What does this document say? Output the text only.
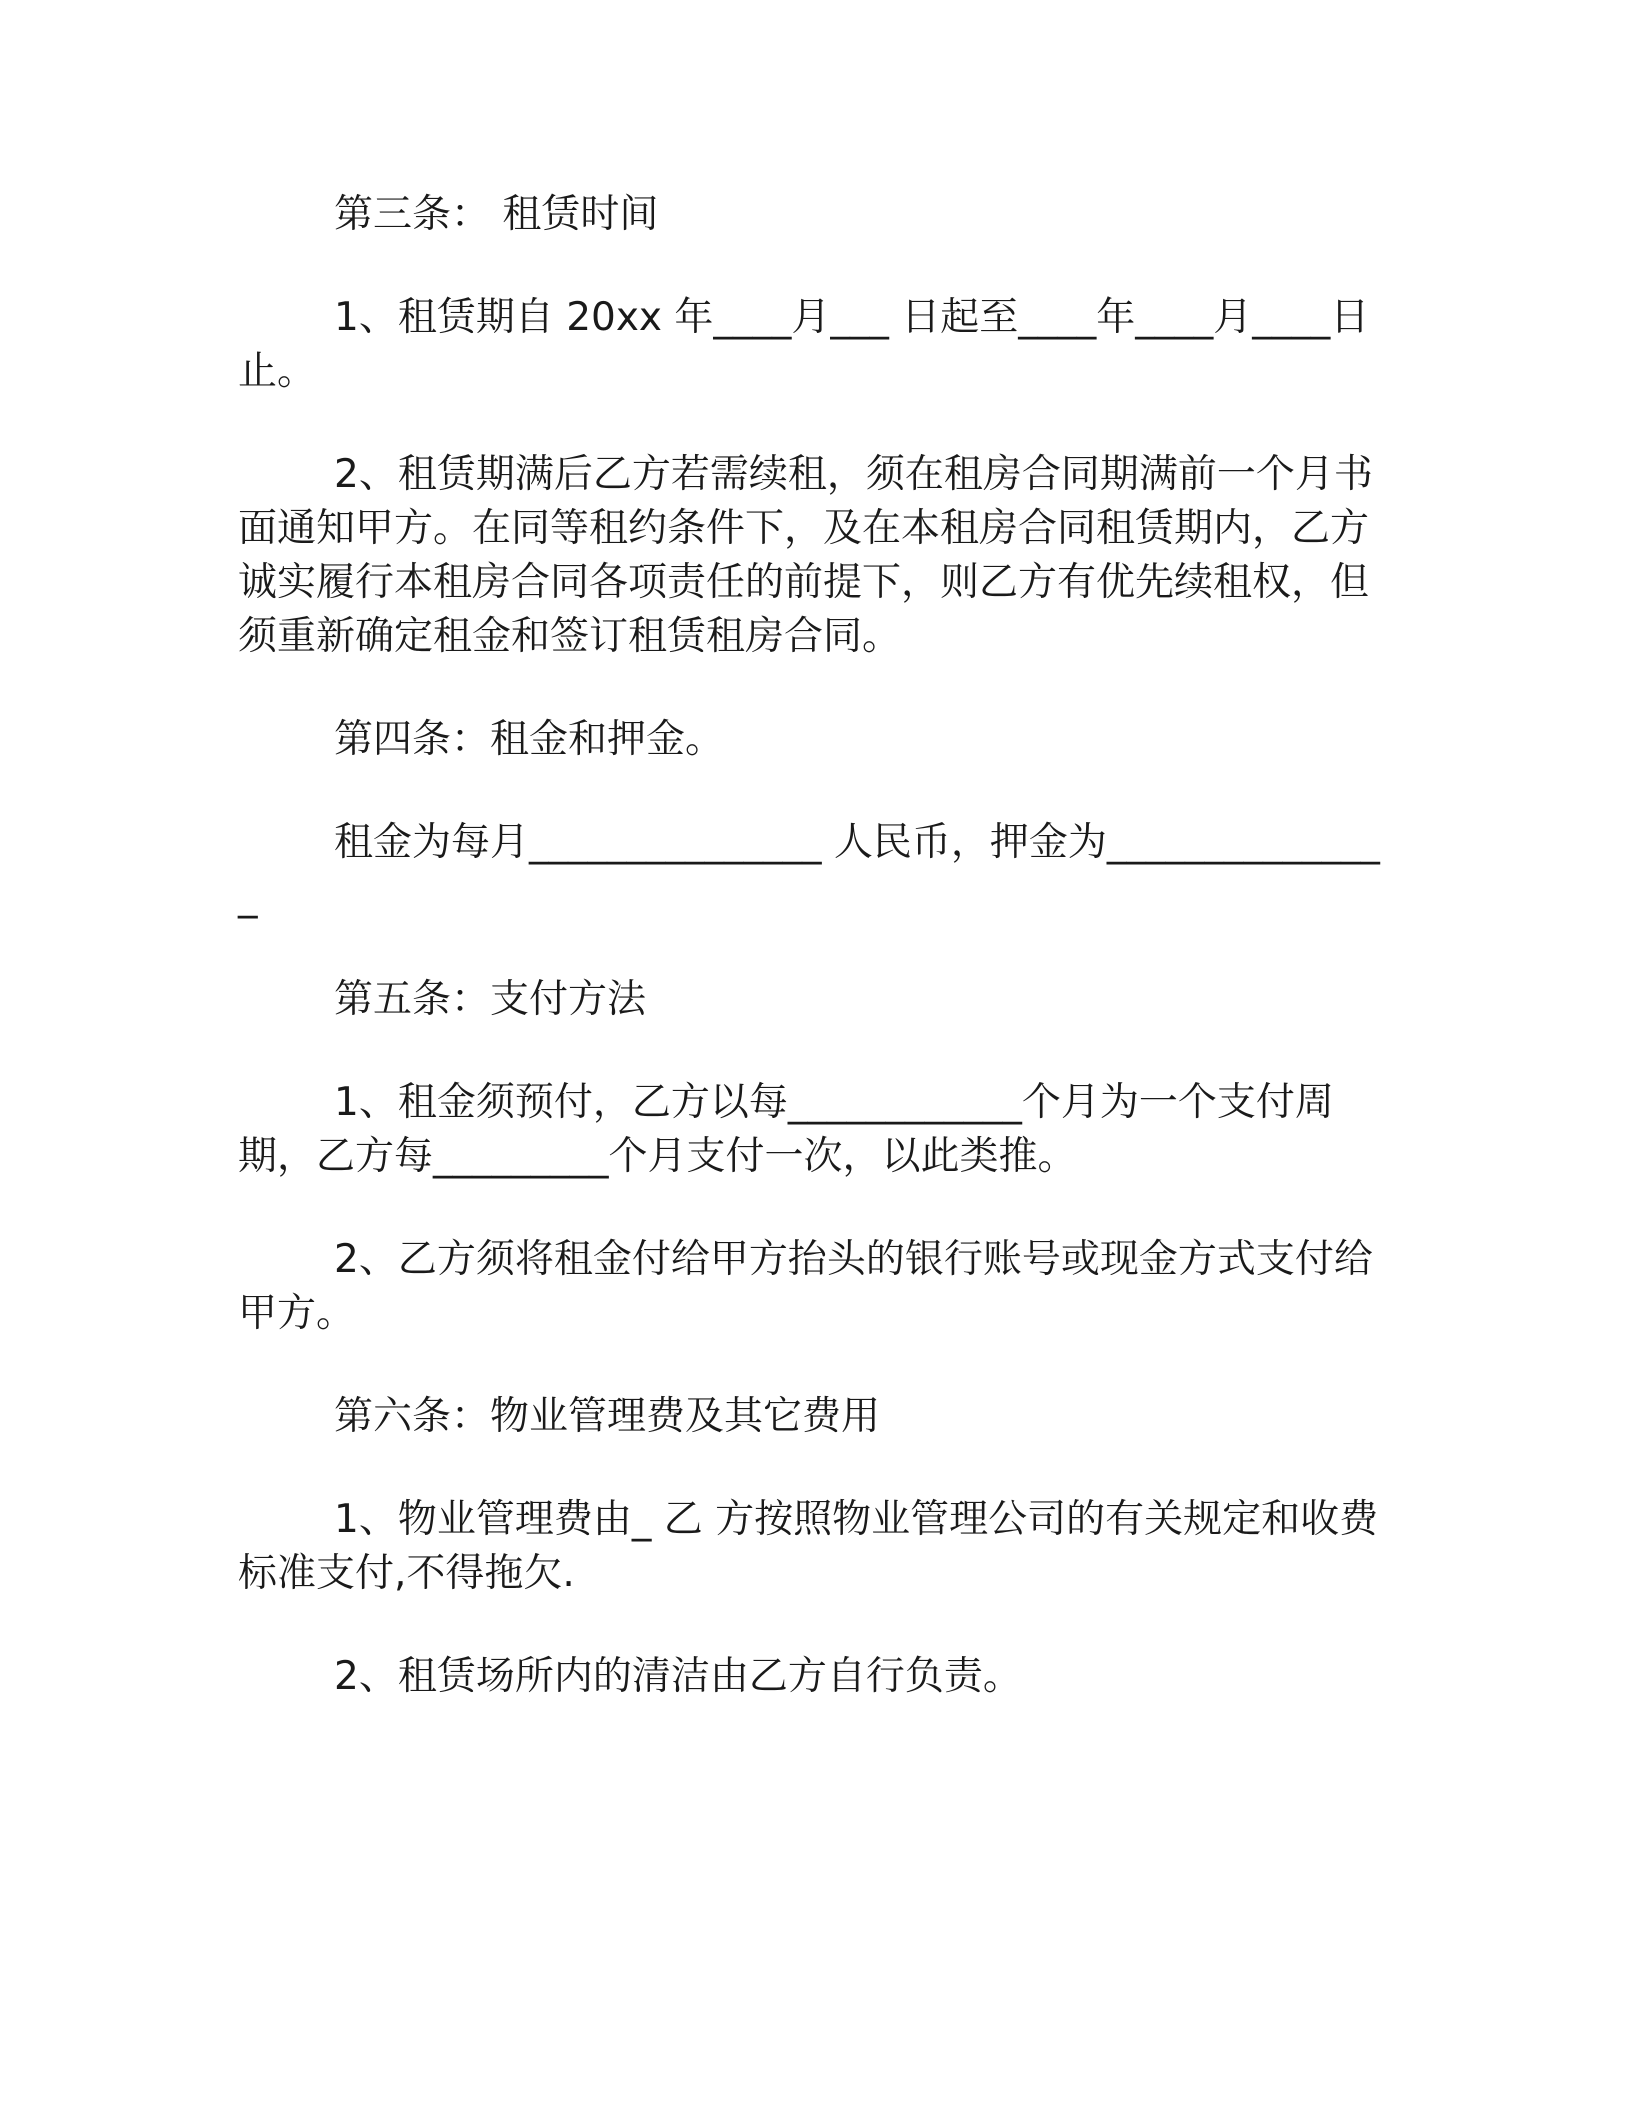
第三条： 租赁时间

1、租赁期自 20xx 年____月___ 日起至____年____月____日止。

2、租赁期满后乙方若需续租，须在租房合同期满前一个月书面通知甲方。在同等租约条件下，及在本租房合同租赁期内，乙方诚实履行本租房合同各项责任的前提下，则乙方有优先续租权，但须重新确定租金和签订租赁租房合同。

第四条：租金和押金。

租金为每月_______________ 人民币，押金为_______________

第五条：支付方法

1、租金须预付，乙方以每____________个月为一个支付周期，乙方每_________个月支付一次，以此类推。

2、乙方须将租金付给甲方抬头的银行账号或现金方式支付给甲方。

第六条：物业管理费及其它费用

1、物业管理费由_ 乙 方按照物业管理公司的有关规定和收费标准支付,不得拖欠.

2、租赁场所内的清洁由乙方自行负责。
